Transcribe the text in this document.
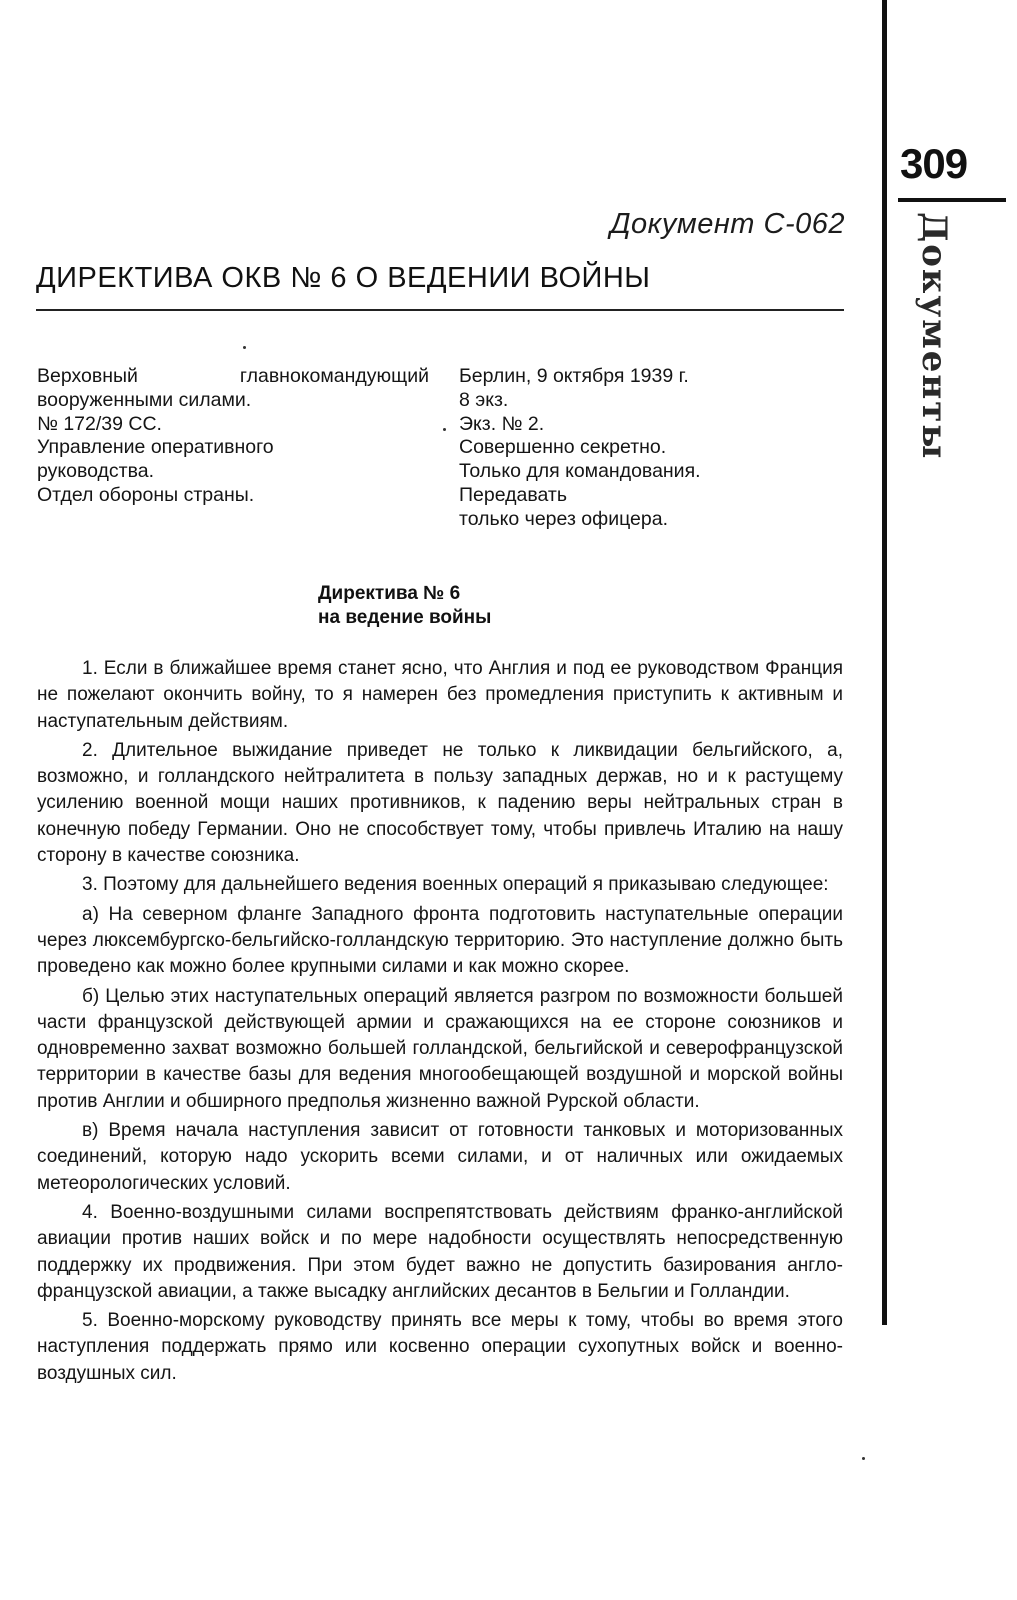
309
Документы
Документ С-062
ДИРЕКТИВА ОКВ № 6 О ВЕДЕНИИ ВОЙНЫ
Верховный главнокомандующий
вооруженными силами.
№ 172/39 СС.
Управление оперативного
руководства.
Отдел обороны страны.
Берлин, 9 октября 1939 г.
8 экз.
Экз. № 2.
Совершенно секретно.
Только для командования.
Передавать
только через офицера.
Директива № 6
на ведение войны

1. Если в ближайшее время станет ясно, что Англия и под ее руководством Франция не пожелают окончить войну, то я намерен без промедления приступить к активным и наступательным действиям.

2. Длительное выжидание приведет не только к ликвидации бельгийского, а, возможно, и голландского нейтралитета в пользу западных держав, но и к растущему усилению военной мощи наших противников, к падению веры нейтральных стран в конечную победу Германии. Оно не способствует тому, чтобы привлечь Италию на нашу сторону в качестве союзника.

3. Поэтому для дальнейшего ведения военных операций я приказываю следующее:

а) На северном фланге Западного фронта подготовить наступательные операции через люксембургско-бельгийско-голландскую территорию. Это наступление должно быть проведено как можно более крупными силами и как можно скорее.

б) Целью этих наступательных операций является разгром по возможности большей части французской действующей армии и сражающихся на ее стороне союзников и одновременно захват возможно большей голландской, бельгийской и северофранцузской территории в качестве базы для ведения многообещающей воздушной и морской войны против Англии и обширного предполья жизненно важной Рурской области.

в) Время начала наступления зависит от готовности танковых и моторизованных соединений, которую надо ускорить всеми силами, и от наличных или ожидаемых метеорологических условий.

4. Военно-воздушными силами воспрепятствовать действиям франко-английской авиации против наших войск и по мере надобности осуществлять непосредственную поддержку их продвижения. При этом будет важно не допустить базирования англо-французской авиации, а также высадку английских десантов в Бельгии и Голландии.

5. Военно-морскому руководству принять все меры к тому, чтобы во время этого наступления поддержать прямо или косвенно операции сухопутных войск и военно-воздушных сил.
